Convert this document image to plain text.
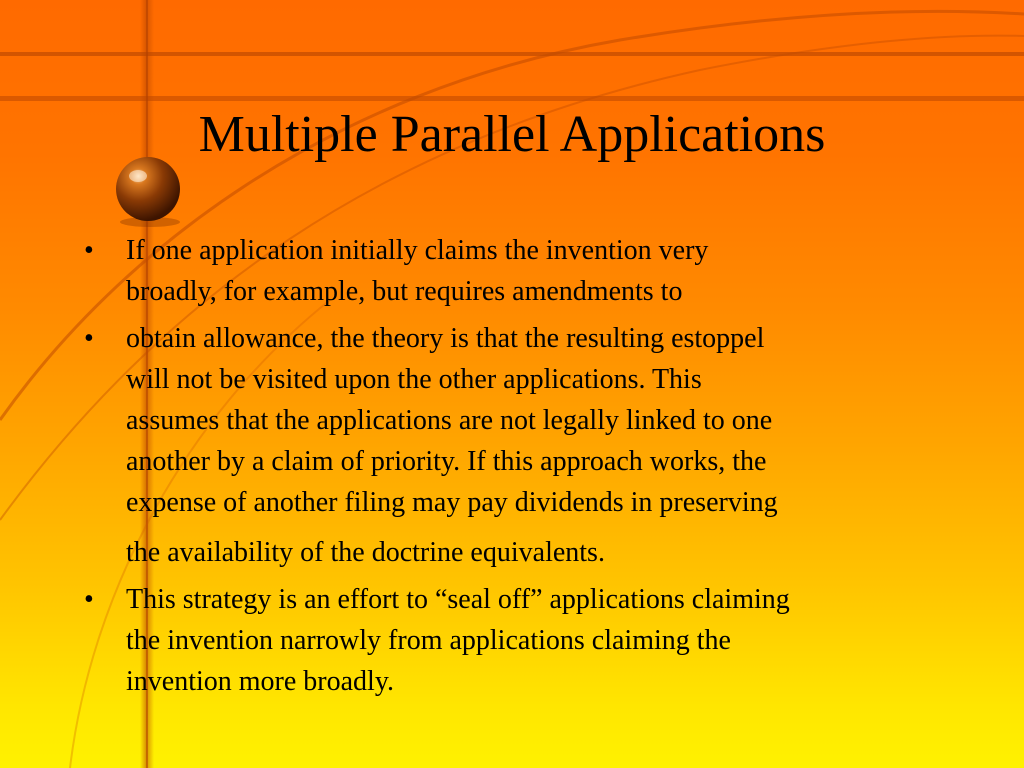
Multiple Parallel Applications
• If one application initially claims the invention very
broadly, for example, but requires amendments to
• obtain allowance, the theory is that the resulting estoppel
will not be visited upon the other applications. This
assumes that the applications are not legally linked to one
another by a claim of priority. If this approach works, the
expense of another filing may pay dividends in preserving
the availability of the doctrine equivalents.
• This strategy is an effort to “seal off” applications claiming
the invention narrowly from applications claiming the
invention more broadly.
